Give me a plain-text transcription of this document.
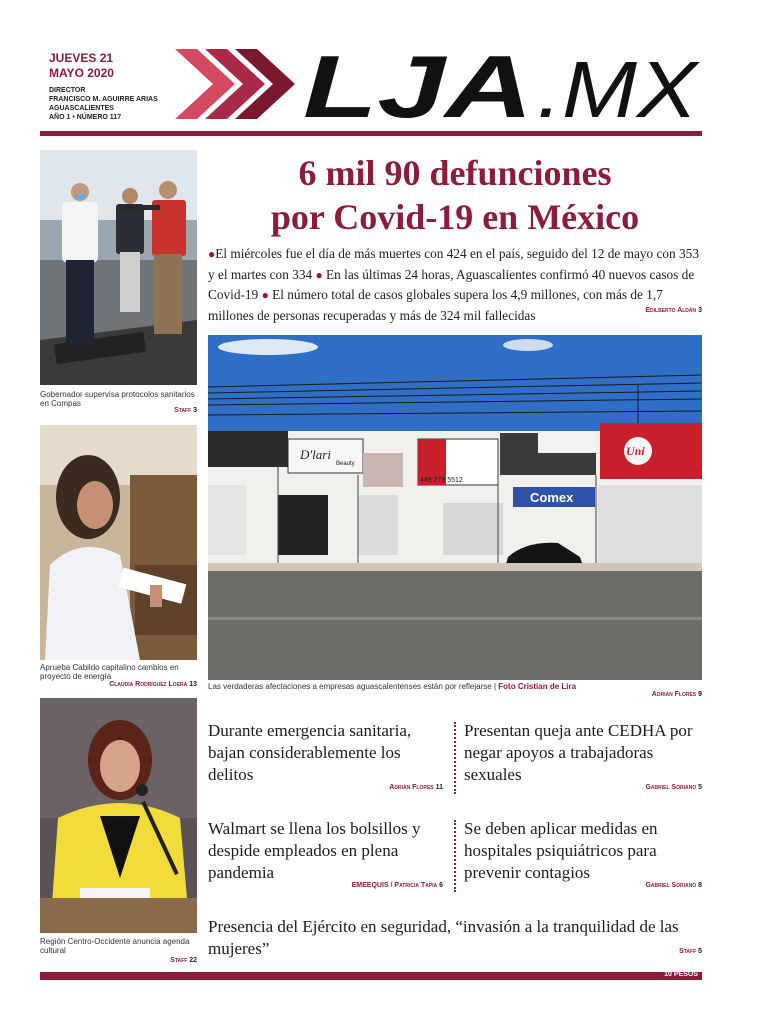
JUEVES 21
MAYO 2020
DIRECTOR
FRANCISCO M. AGUIRRE ARIAS
AGUASCALIENTES
AÑO 1 • NÚMERO 117	LJA .MX
Gobernador supervisa protocolos sanitarios en Compas
Staff 3
Aprueba Cabildo capitalino cambios en proyecto de energía
Claudia Rodríguez Loera 13
Región Centro-Occidente anuncia agenda cultural
Staff 22
6 mil 90 defunciones
por Covid-19 en México

●El miércoles fue el día de más muertes con 424 en el país, seguido del 12 de mayo con 353 y el martes con 334 ● En las últimas 24 horas, Aguascalientes confirmó 40 nuevos casos de Covid-19 ● El número total de casos globales supera los 4,9 millones, con más de 1,7 millones de personas recuperadas y más de 324 mil fallecidas	Edilberto Aldán 3
D'lari
Beauty
449 279 5512
Uni
Comex
Las verdaderas afectaciones a empresas aguascalentenses están por reflejarse | Foto Cristian de Lira
Adrián Flores 9
Durante emergencia sanitaria, bajan considerablemente los delitos
Adrián Flores 11
Presentan queja ante CEDHA por negar apoyos a trabajadoras sexuales
Gabriel Soriano 5
Walmart se llena los bolsillos y despide empleados en plena pandemia
EMEEQUIS / Patricia Tapia 6
Se deben aplicar medidas en hospitales psiquiátricos para prevenir contagios
Gabriel Soriano 8
Presencia del Ejército en seguridad, “invasión a la tranquilidad de las mujeres”	Staff 5
10 PESOS
